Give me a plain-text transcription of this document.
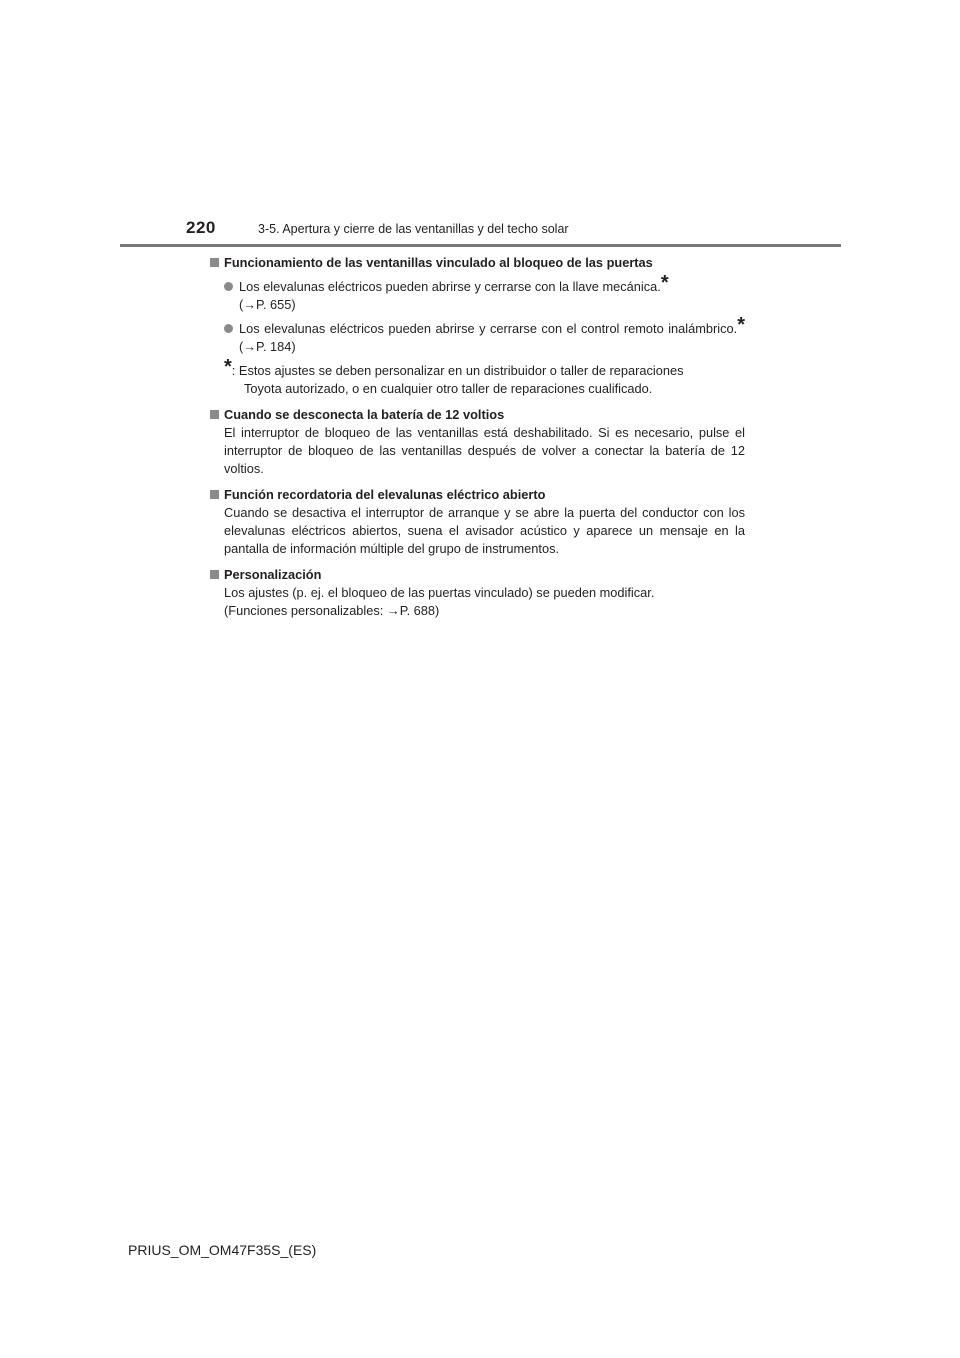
220	3-5. Apertura y cierre de las ventanillas y del techo solar

Funcionamiento de las ventanillas vinculado al bloqueo de las puertas

Los elevalunas eléctricos pueden abrirse y cerrarse con la llave mecánica.*
(→P. 655)
Los elevalunas eléctricos pueden abrirse y cerrarse con el control remoto inalámbrico.* (→P. 184)
*: Estos ajustes se deben personalizar en un distribuidor o taller de reparaciones
Toyota autorizado, o en cualquier otro taller de reparaciones cualificado.

Cuando se desconecta la batería de 12 voltios

El interruptor de bloqueo de las ventanillas está deshabilitado. Si es necesario, pulse el interruptor de bloqueo de las ventanillas después de volver a conectar la batería de 12 voltios.

Función recordatoria del elevalunas eléctrico abierto

Cuando se desactiva el interruptor de arranque y se abre la puerta del conductor con los elevalunas eléctricos abiertos, suena el avisador acústico y aparece un mensaje en la pantalla de información múltiple del grupo de instrumentos.

Personalización

Los ajustes (p. ej. el bloqueo de las puertas vinculado) se pueden modificar.
(Funciones personalizables: →P. 688)
PRIUS_OM_OM47F35S_(ES)
